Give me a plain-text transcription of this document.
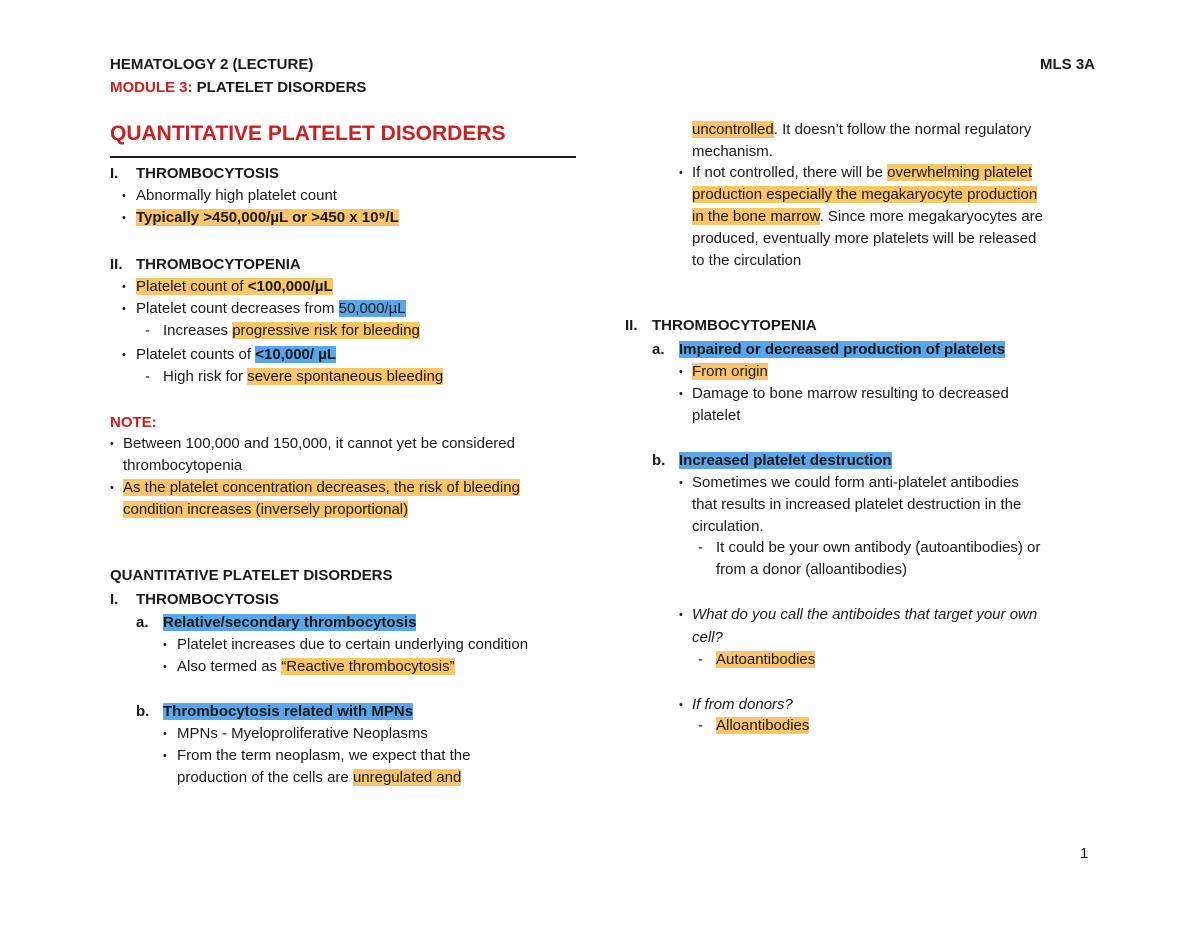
HEMATOLOGY 2 (LECTURE)	MLS 3A
MODULE 3: PLATELET DISORDERS
QUANTITATIVE PLATELET DISORDERS
I. THROMBOCYTOSIS
• Abnormally high platelet count
• Typically >450,000/µL or >450 x 10⁹/L
II. THROMBOCYTOPENIA
• Platelet count of <100,000/µL
• Platelet count decreases from 50,000/µL
- Increases progressive risk for bleeding
• Platelet counts of <10,000/ µL
- High risk for severe spontaneous bleeding
NOTE:
• Between 100,000 and 150,000, it cannot yet be considered
thrombocytopenia
• As the platelet concentration decreases, the risk of bleeding
condition increases (inversely proportional)
QUANTITATIVE PLATELET DISORDERS
I. THROMBOCYTOSIS
a. Relative/secondary thrombocytosis
• Platelet increases due to certain underlying condition
• Also termed as “Reactive thrombocytosis”
b. Thrombocytosis related with MPNs
• MPNs - Myeloproliferative Neoplasms
• From the term neoplasm, we expect that the
production of the cells are unregulated and
uncontrolled. It doesn’t follow the normal regulatory
mechanism.
• If not controlled, there will be overwhelming platelet
production especially the megakaryocyte production
in the bone marrow. Since more megakaryocytes are
produced, eventually more platelets will be released
to the circulation
II. THROMBOCYTOPENIA
a. Impaired or decreased production of platelets
• From origin
• Damage to bone marrow resulting to decreased
platelet
b. Increased platelet destruction
• Sometimes we could form anti-platelet antibodies
that results in increased platelet destruction in the
circulation.
- It could be your own antibody (autoantibodies) or
from a donor (alloantibodies)
• What do you call the antiboides that target your own
cell?
- Autoantibodies
• If from donors?
- Alloantibodies
1
